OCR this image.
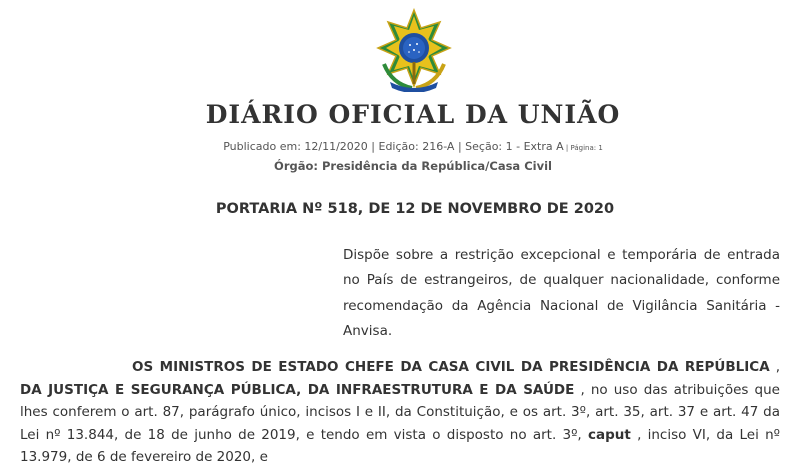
DIÁRIO OFICIAL DA UNIÃO
Publicado em: 12/11/2020 | Edição: 216-A | Seção: 1 - Extra A | Página: 1
Órgão: Presidência da República/Casa Civil
PORTARIA Nº 518, DE 12 DE NOVEMBRO DE 2020
Dispõe sobre a restrição excepcional e temporária de entrada no País de estrangeiros, de qualquer nacionalidade, conforme recomendação da Agência Nacional de Vigilância Sanitária - Anvisa.
OS MINISTROS DE ESTADO CHEFE DA CASA CIVIL DA PRESIDÊNCIA DA REPÚBLICA , DA JUSTIÇA E SEGURANÇA PÚBLICA, DA INFRAESTRUTURA E DA SAÚDE , no uso das atribuições que lhes conferem o art. 87, parágrafo único, incisos I e II, da Constituição, e os art. 3º, art. 35, art. 37 e art. 47 da Lei nº 13.844, de 18 de junho de 2019, e tendo em vista o disposto no art. 3º, caput , inciso VI, da Lei nº 13.979, de 6 de fevereiro de 2020, e
